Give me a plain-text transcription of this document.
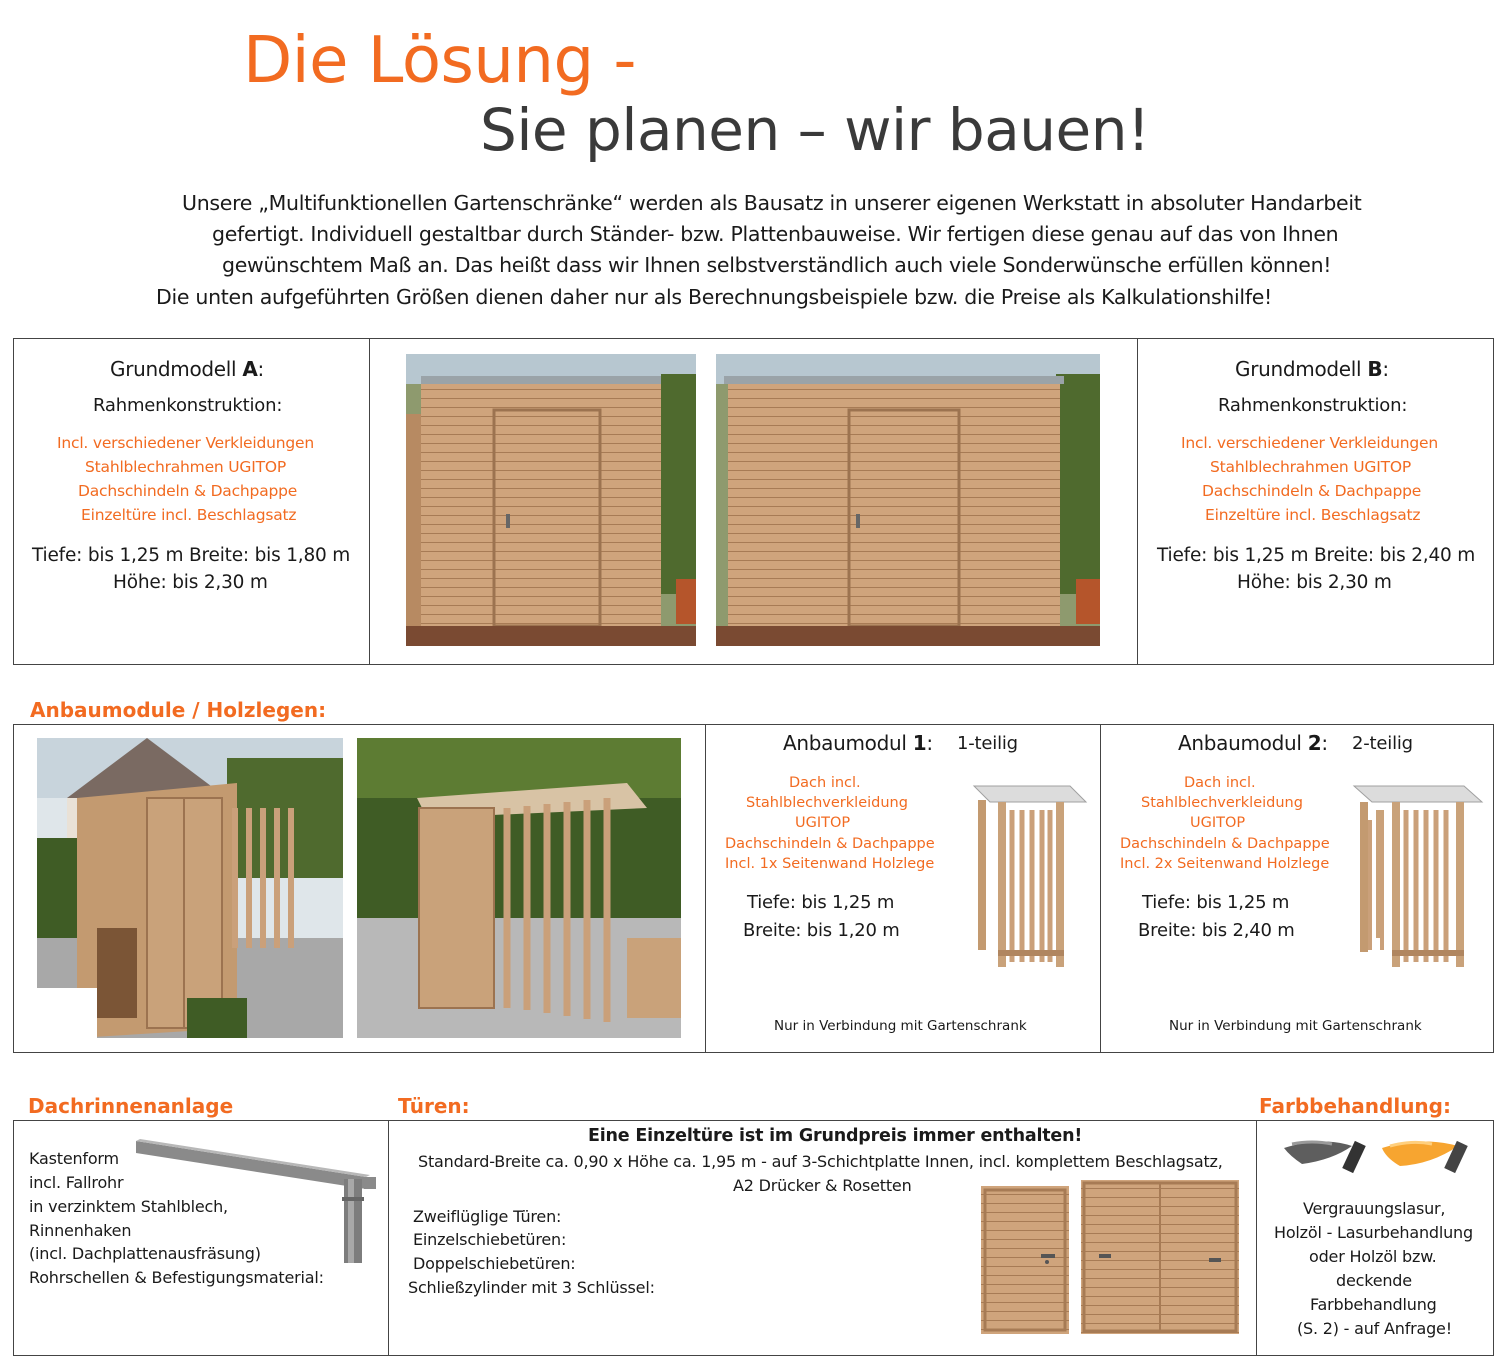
Die Lösung -
Sie planen – wir bauen!
Unsere „Multifunktionellen Gartenschränke“ werden als Bausatz in unserer eigenen Werkstatt in absoluter Handarbeit
gefertigt. Individuell gestaltbar durch Ständer- bzw. Plattenbauweise. Wir fertigen diese genau auf das von Ihnen
gewünschtem Maß an. Das heißt dass wir Ihnen selbstverständlich auch viele Sonderwünsche erfüllen können!
Die unten aufgeführten Größen dienen daher nur als Berechnungsbeispiele bzw. die Preise als Kalkulationshilfe!
Grundmodell A:
Rahmenkonstruktion:
Incl. verschiedener Verkleidungen
Stahlblechrahmen UGITOP
Dachschindeln & Dachpappe
Einzeltüre incl. Beschlagsatz
Tiefe: bis 1,25 m Breite: bis 1,80 m
Höhe: bis 2,30 m
Grundmodell B:
Rahmenkonstruktion:
Incl. verschiedener Verkleidungen
Stahlblechrahmen UGITOP
Dachschindeln & Dachpappe
Einzeltüre incl. Beschlagsatz
Tiefe: bis 1,25 m Breite: bis 2,40 m
Höhe: bis 2,30 m
Anbaumodule / Holzlegen:
Anbaumodul 1: 1-teilig
Dach incl.
Stahlblechverkleidung
UGITOP
Dachschindeln & Dachpappe
Incl. 1x Seitenwand Holzlege
Tiefe: bis 1,25 m
Breite: bis 1,20 m
Nur in Verbindung mit Gartenschrank
Anbaumodul 2: 2-teilig
Dach incl.
Stahlblechverkleidung
UGITOP
Dachschindeln & Dachpappe
Incl. 2x Seitenwand Holzlege
Tiefe: bis 1,25 m
Breite: bis 2,40 m
Nur in Verbindung mit Gartenschrank
Dachrinnenanlage	Türen:	Farbbehandlung:
Kastenform
incl. Fallrohr
in verzinktem Stahlblech,
Rinnenhaken
(incl. Dachplattenausfräsung)
Rohrschellen & Befestigungsmaterial:
Eine Einzeltüre ist im Grundpreis immer enthalten!
Standard-Breite ca. 0,90 x Höhe ca. 1,95 m - auf 3-Schichtplatte Innen, incl. komplettem Beschlagsatz,
A2 Drücker & Rosetten
Zweiflüglige Türen:
Einzelschiebetüren:
Doppelschiebetüren:
Schließzylinder mit 3 Schlüssel:
Vergrauungslasur,
Holzöl - Lasurbehandlung
oder Holzöl bzw.
deckende
Farbbehandlung
(S. 2) - auf Anfrage!
